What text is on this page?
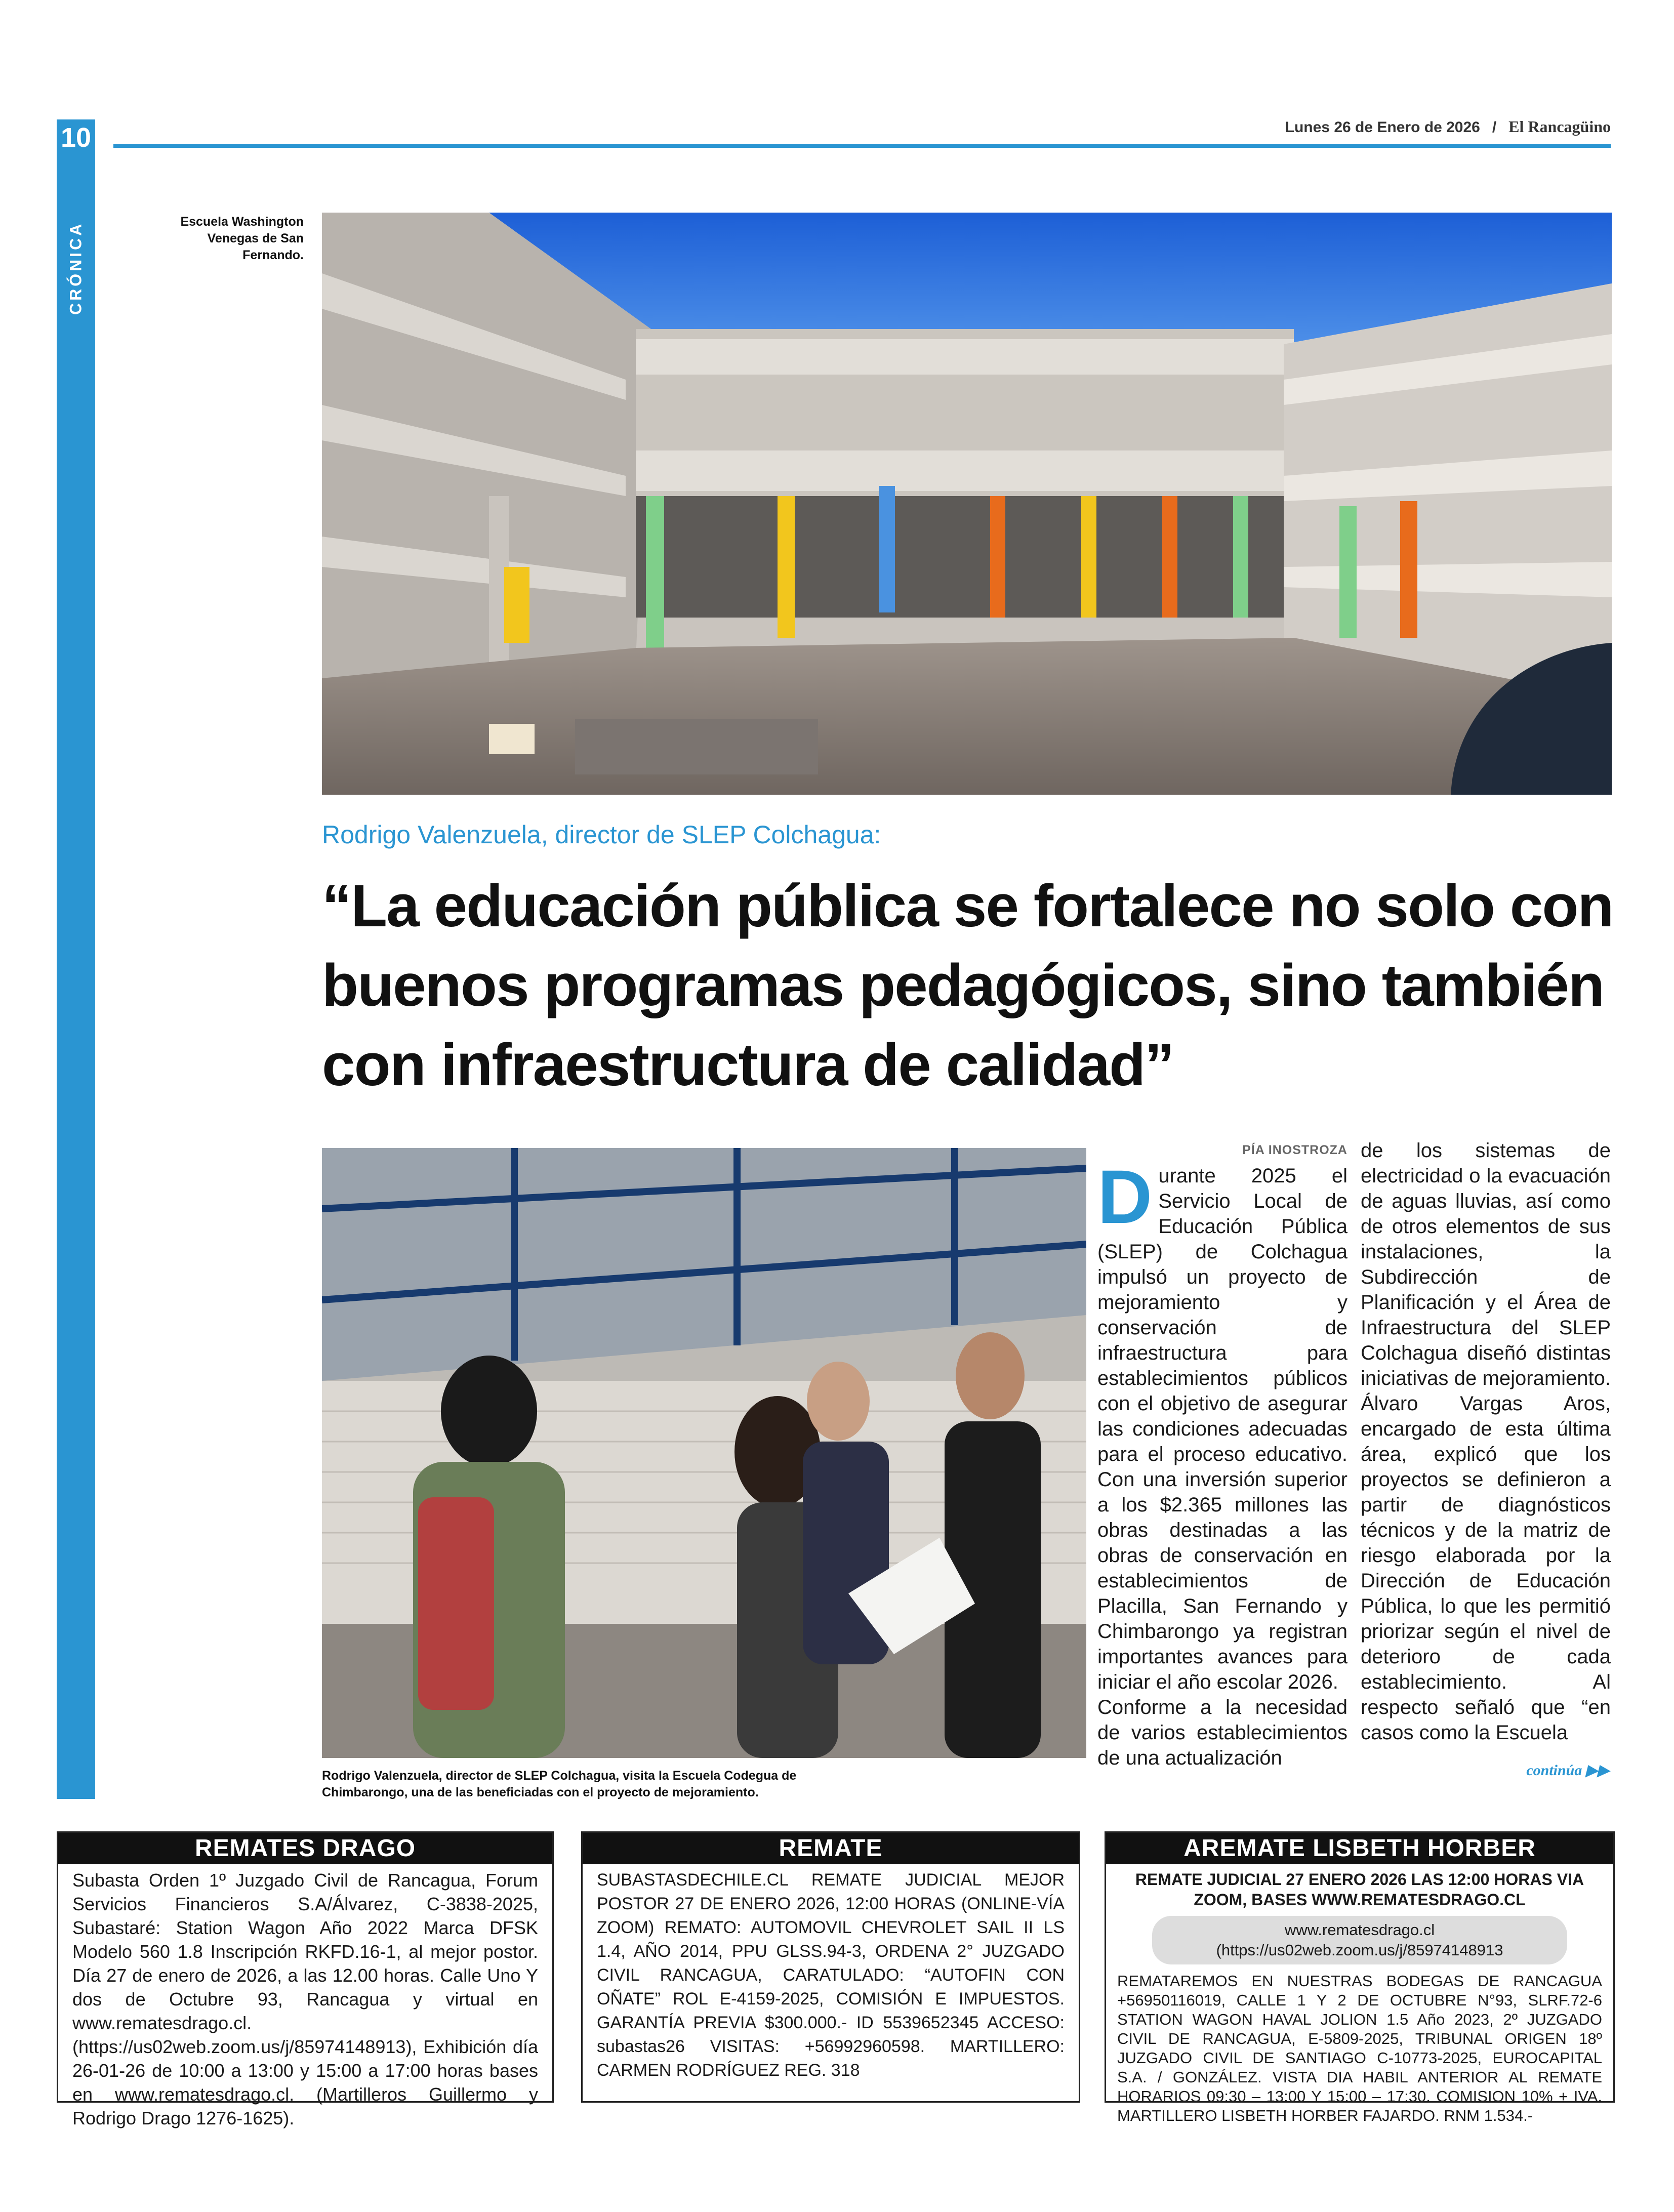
10
CRÓNICA
Lunes 26 de Enero de 2026 / El Rancagüino
Escuela Washington Venegas de San Fernando.
Rodrigo Valenzuela, director de SLEP Colchagua:
“La educación pública se fortalece no solo con buenos programas pedagógicos, sino también con infraestructura de calidad”
Rodrigo Valenzuela, director de SLEP Colchagua, visita la Escuela Codegua de Chimbarongo, una de las beneficiadas con el proyecto de mejoramiento.
PÍA INOSTROZA
Durante 2025 el Servicio Local de Educación Pública (SLEP) de Colchagua impulsó un proyecto de mejoramiento y conservación de infraestructura para establecimientos públicos con el objetivo de asegurar las condiciones adecuadas para el proceso educativo. Con una inversión superior a los $2.365 millones las obras destinadas a las obras de conservación en establecimientos de Placilla, San Fernando y Chimbarongo ya registran importantes avances para iniciar el año escolar 2026.
Conforme a la necesidad de varios establecimientos de una actualización
de los sistemas de electricidad o la evacuación de aguas lluvias, así como de otros elementos de sus instalaciones, la Subdirección de Planificación y el Área de Infraestructura del SLEP Colchagua diseñó distintas iniciativas de mejoramiento. Álvaro Vargas Aros, encargado de esta última área, explicó que los proyectos se definieron a partir de diagnósticos técnicos y de la matriz de riesgo elaborada por la Dirección de Educación Pública, lo que les permitió priorizar según el nivel de deterioro de cada establecimiento. Al respecto señaló que “en casos como la Escuela
continúa ▶▶
REMATES DRAGO
Subasta Orden 1º Juzgado Civil de Rancagua, Forum Servicios Financieros S.A/Álvarez, C-3838-2025, Subastaré: Station Wagon Año 2022 Marca DFSK Modelo 560 1.8 Inscripción RKFD.16-1, al mejor postor. Día 27 de enero de 2026, a las 12.00 horas. Calle Uno Y dos de Octubre 93, Rancagua y virtual en www.rematesdrago.cl. (https://us02web.zoom.us/j/85974148913), Exhibición día 26-01-26 de 10:00 a 13:00 y 15:00 a 17:00 horas bases en www.rematesdrago.cl. (Martilleros Guillermo y Rodrigo Drago 1276-1625).
REMATE
SUBASTASDECHILE.CL REMATE JUDICIAL MEJOR POSTOR 27 DE ENERO 2026, 12:00 HORAS (ONLINE-VÍA ZOOM) REMATO: AUTOMOVIL CHEVROLET SAIL II LS 1.4, AÑO 2014, PPU GLSS.94-3, ORDENA 2° JUZGADO CIVIL RANCAGUA, CARATULADO: “AUTOFIN CON OÑATE” ROL E-4159-2025, COMISIÓN E IMPUESTOS. GARANTÍA PREVIA $300.000.- ID 5539652345 ACCESO: subastas26 VISITAS: +56992960598. MARTILLERO: CARMEN RODRÍGUEZ REG. 318
AREMATE LISBETH HORBER
REMATE JUDICIAL 27 ENERO 2026 LAS 12:00 HORAS VIA ZOOM, BASES WWW.REMATESDRAGO.CL
www.rematesdrago.cl
(https://us02web.zoom.us/j/85974148913
REMATAREMOS EN NUESTRAS BODEGAS DE RANCAGUA +56950116019, CALLE 1 Y 2 DE OCTUBRE N°93, SLRF.72-6 STATION WAGON HAVAL JOLION 1.5 Año 2023, 2º JUZGADO CIVIL DE RANCAGUA, E-5809-2025, TRIBUNAL ORIGEN 18º JUZGADO CIVIL DE SANTIAGO C-10773-2025, EUROCAPITAL S.A. / GONZÁLEZ. VISTA DIA HABIL ANTERIOR AL REMATE HORARIOS 09:30 – 13:00 Y 15:00 – 17:30. COMISION 10% + IVA. MARTILLERO LISBETH HORBER FAJARDO. RNM 1.534.-
